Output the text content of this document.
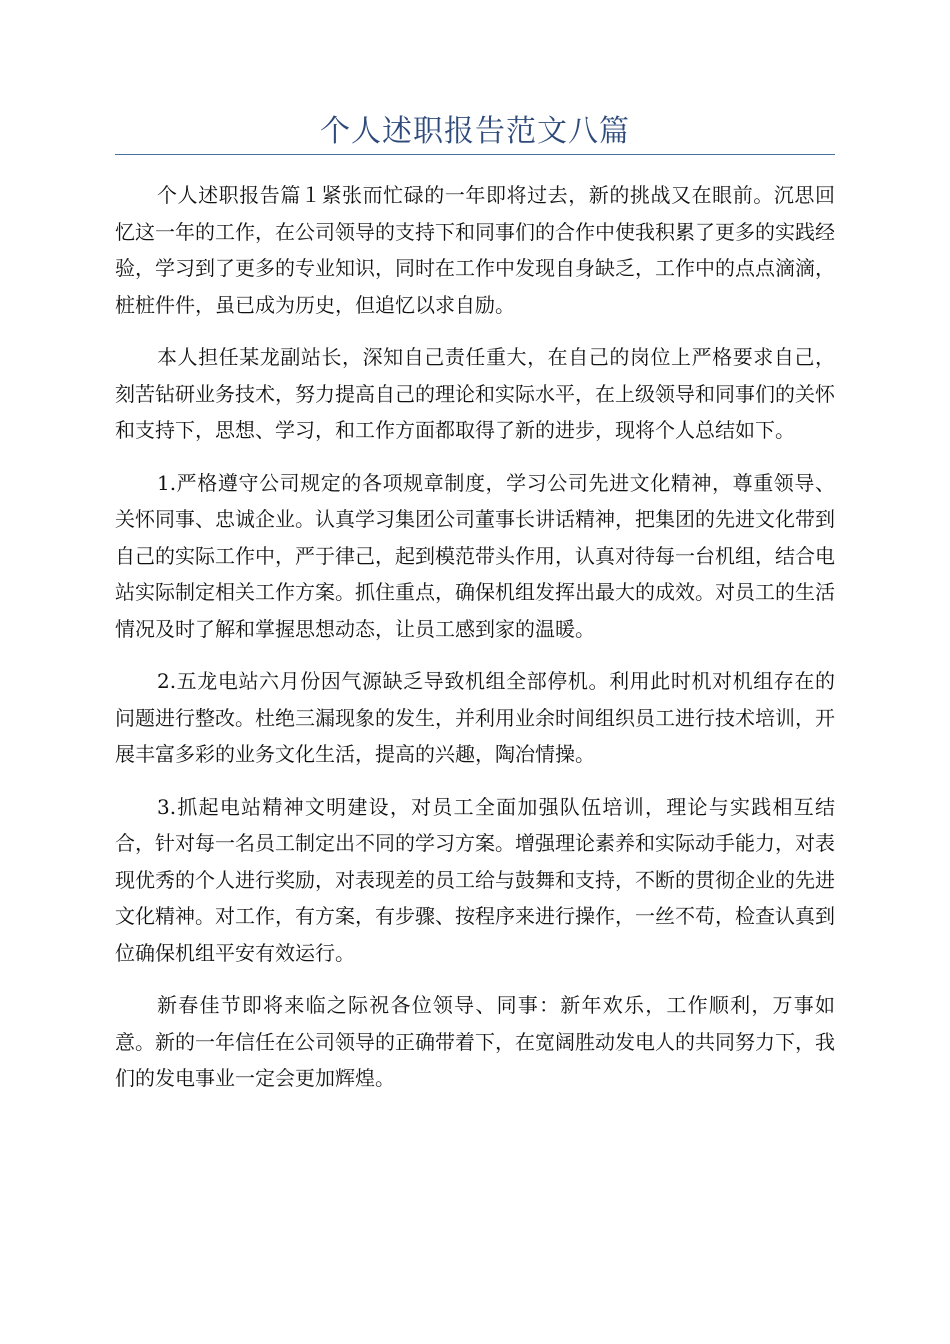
个人述职报告范文八篇

个人述职报告篇１紧张而忙碌的一年即将过去，新的挑战又在眼前。沉思回忆这一年的工作，在公司领导的支持下和同事们的合作中使我积累了更多的实践经验，学习到了更多的专业知识，同时在工作中发现自身缺乏，工作中的点点滴滴，桩桩件件，虽已成为历史，但追忆以求自励。

本人担任某龙副站长，深知自己责任重大，在自己的岗位上严格要求自己，刻苦钻研业务技术，努力提高自己的理论和实际水平，在上级领导和同事们的关怀和支持下，思想、学习，和工作方面都取得了新的进步，现将个人总结如下。

1.严格遵守公司规定的各项规章制度，学习公司先进文化精神，尊重领导、关怀同事、忠诚企业。认真学习集团公司董事长讲话精神，把集团的先进文化带到自己的实际工作中，严于律己，起到模范带头作用，认真对待每一台机组，结合电站实际制定相关工作方案。抓住重点，确保机组发挥出最大的成效。对员工的生活情况及时了解和掌握思想动态，让员工感到家的温暖。

2.五龙电站六月份因气源缺乏导致机组全部停机。利用此时机对机组存在的问题进行整改。杜绝三漏现象的发生，并利用业余时间组织员工进行技术培训，开展丰富多彩的业务文化生活，提高的兴趣，陶冶情操。

3.抓起电站精神文明建设，对员工全面加强队伍培训，理论与实践相互结合，针对每一名员工制定出不同的学习方案。增强理论素养和实际动手能力，对表现优秀的个人进行奖励，对表现差的员工给与鼓舞和支持，不断的贯彻企业的先进文化精神。对工作，有方案，有步骤、按程序来进行操作，一丝不苟，检查认真到位确保机组平安有效运行。

新春佳节即将来临之际祝各位领导、同事：新年欢乐，工作顺利，万事如意。新的一年信任在公司领导的正确带着下，在宽阔胜动发电人的共同努力下，我们的发电事业一定会更加辉煌。
